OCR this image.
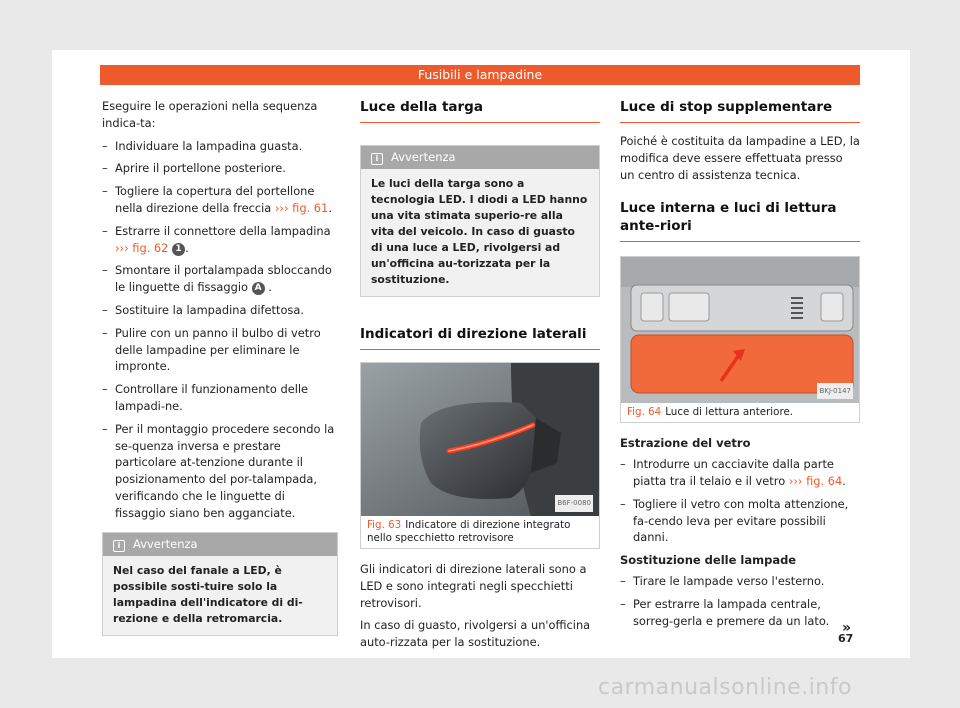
Fusibili e lampadine

Eseguire le operazioni nella sequenza indica-ta:

– Individuare la lampadina guasta.
– Aprire il portellone posteriore.
– Togliere la copertura del portellone nella direzione della freccia ››› fig. 61.
– Estrarre il connettore della lampadina ››› fig. 62 1 .
– Smontare il portalampada sbloccando le linguette di fissaggio A .
– Sostituire la lampadina difettosa.
– Pulire con un panno il bulbo di vetro delle lampadine per eliminare le impronte.
– Controllare il funzionamento delle lampadi-ne.
– Per il montaggio procedere secondo la se-quenza inversa e prestare particolare at-tenzione durante il posizionamento del por-talampada, verificando che le linguette di fissaggio siano ben agganciate.
i Avvertenza
Nel caso del fanale a LED, è possibile sosti-tuire solo la lampadina dell'indicatore di di-rezione e della retromarcia.
Luce della targa
i Avvertenza
Le luci della targa sono a tecnologia LED. I diodi a LED hanno una vita stimata superio-re alla vita del veicolo. In caso di guasto di una luce a LED, rivolgersi ad un'officina au-torizzata per la sostituzione.
Indicatori di direzione laterali
B6F-0080
Fig. 63 Indicatore di direzione integrato nello specchietto retrovisore

Gli indicatori di direzione laterali sono a LED e sono integrati negli specchietti retrovisori.

In caso di guasto, rivolgersi a un'officina auto-rizzata per la sostituzione.

Luce di stop supplementare

Poiché è costituita da lampadine a LED, la modifica deve essere effettuata presso un centro di assistenza tecnica.

Luce interna e luci di lettura ante-riori
BKJ-0147
Fig. 64 Luce di lettura anteriore.
Estrazione del vetro
– Introdurre un cacciavite dalla parte piatta tra il telaio e il vetro ››› fig. 64.
– Togliere il vetro con molta attenzione, fa-cendo leva per evitare possibili danni.
Sostituzione delle lampade
– Tirare le lampade verso l'esterno.
– Per estrarre la lampada centrale, sorreg-gerla e premere da un lato. »
67
carmanualsonline.info
